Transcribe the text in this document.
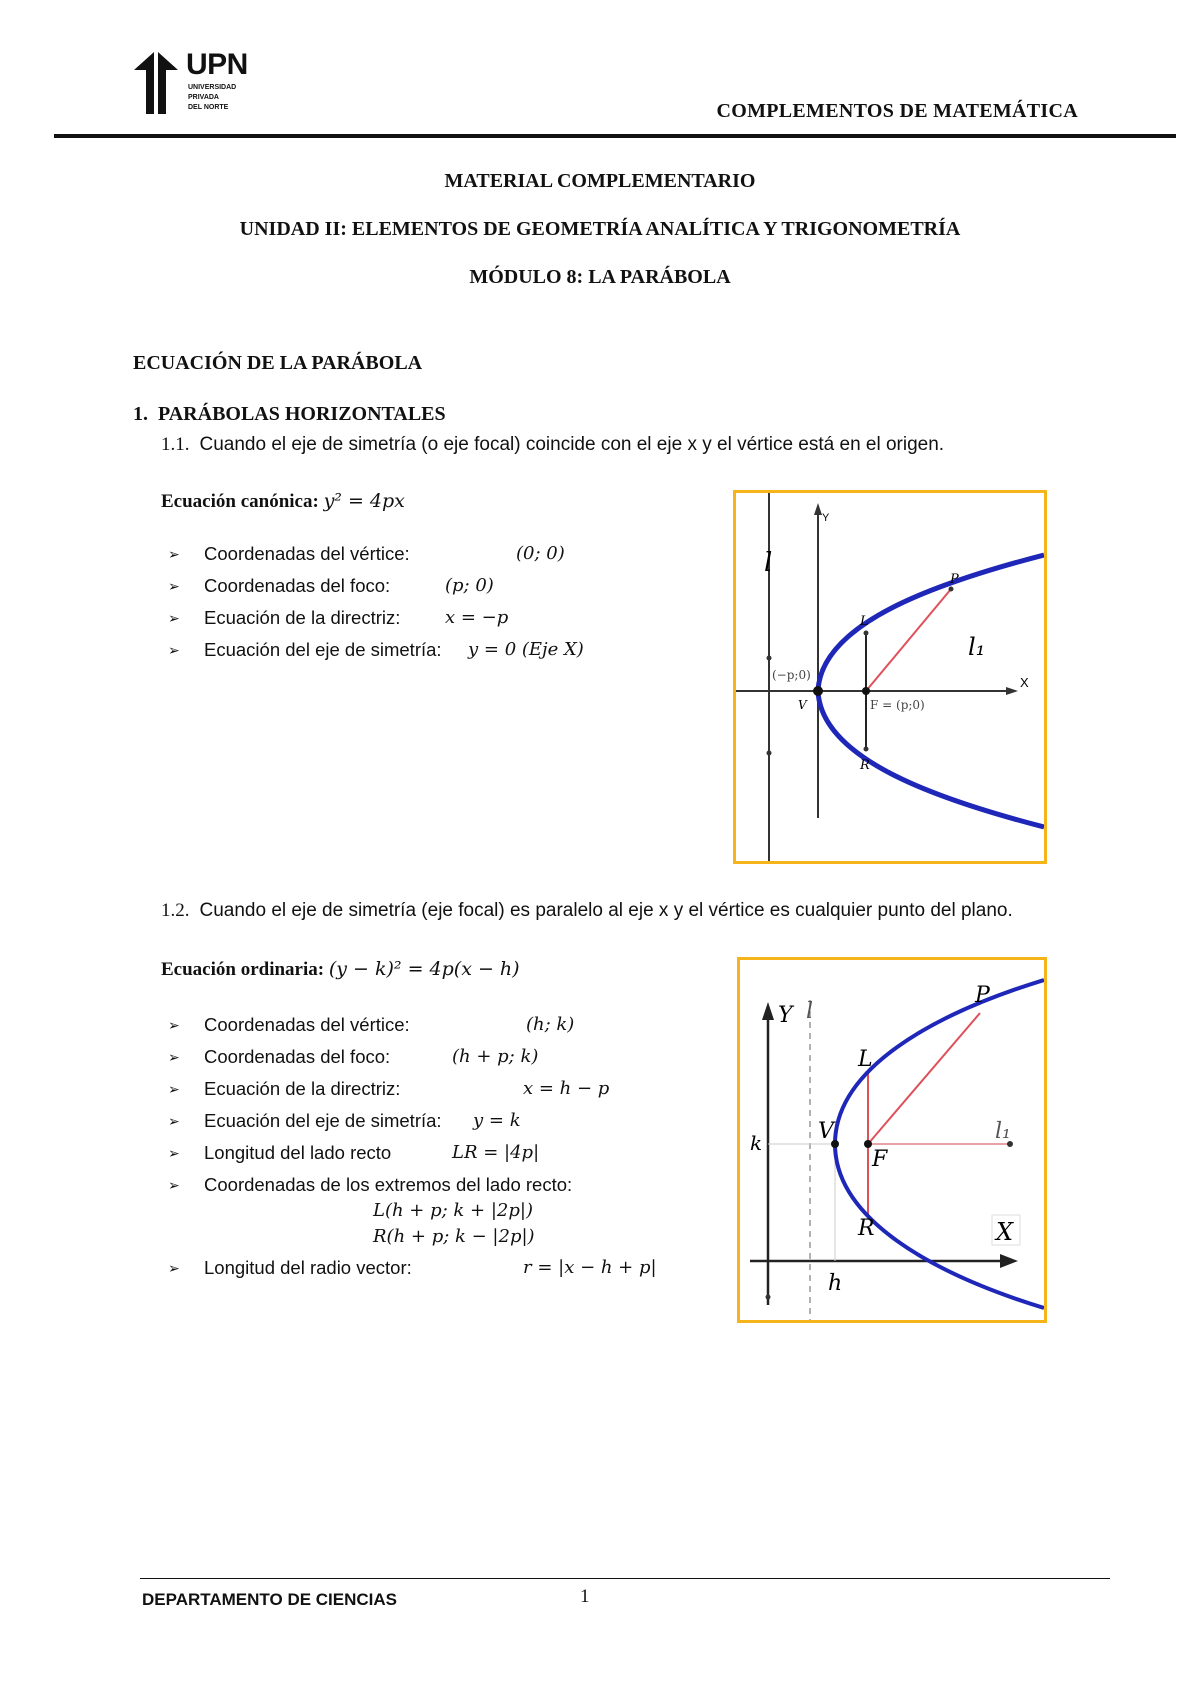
UPN
UNIVERSIDAD
PRIVADA
DEL NORTE	COMPLEMENTOS DE MATEMÁTICA
MATERIAL COMPLEMENTARIO
UNIDAD II: ELEMENTOS DE GEOMETRÍA ANALÍTICA Y TRIGONOMETRÍA
MÓDULO 8: LA PARÁBOLA
ECUACIÓN DE LA PARÁBOLA
1. PARÁBOLAS HORIZONTALES
1.1. Cuando el eje de simetría (o eje focal) coincide con el eje x y el vértice está en el origen.
Ecuación canónica: y² = 4px
➢ Coordenadas del vértice:	(0; 0)
➢ Coordenadas del foco:	(p; 0)
➢ Ecuación de la directriz: x = −p
➢ Ecuación del eje de simetría: y = 0 (Eje X)
Y
X
l
l₁
P
L
R
V
(−p;0)
F = (p;0)
1.2. Cuando el eje de simetría (eje focal) es paralelo al eje x y el vértice es cualquier punto del plano.
Ecuación ordinaria: (y − k)² = 4p(x − h)
➢ Coordenadas del vértice:	(h; k)
➢ Coordenadas del foco:	(h + p; k)
➢ Ecuación de la directriz:	x = h − p
➢ Ecuación del eje de simetría: y = k
➢ Longitud del lado recto	LR = |4p|
➢ Coordenadas de los extremos del lado recto:
L(h + p; k + |2p|)
R(h + p; k − |2p|)
➢ Longitud del radio vector:	r = |x − h + p|
Y l
P
L
V	l₁
F
k
R	X
h
DEPARTAMENTO DE CIENCIAS	1
